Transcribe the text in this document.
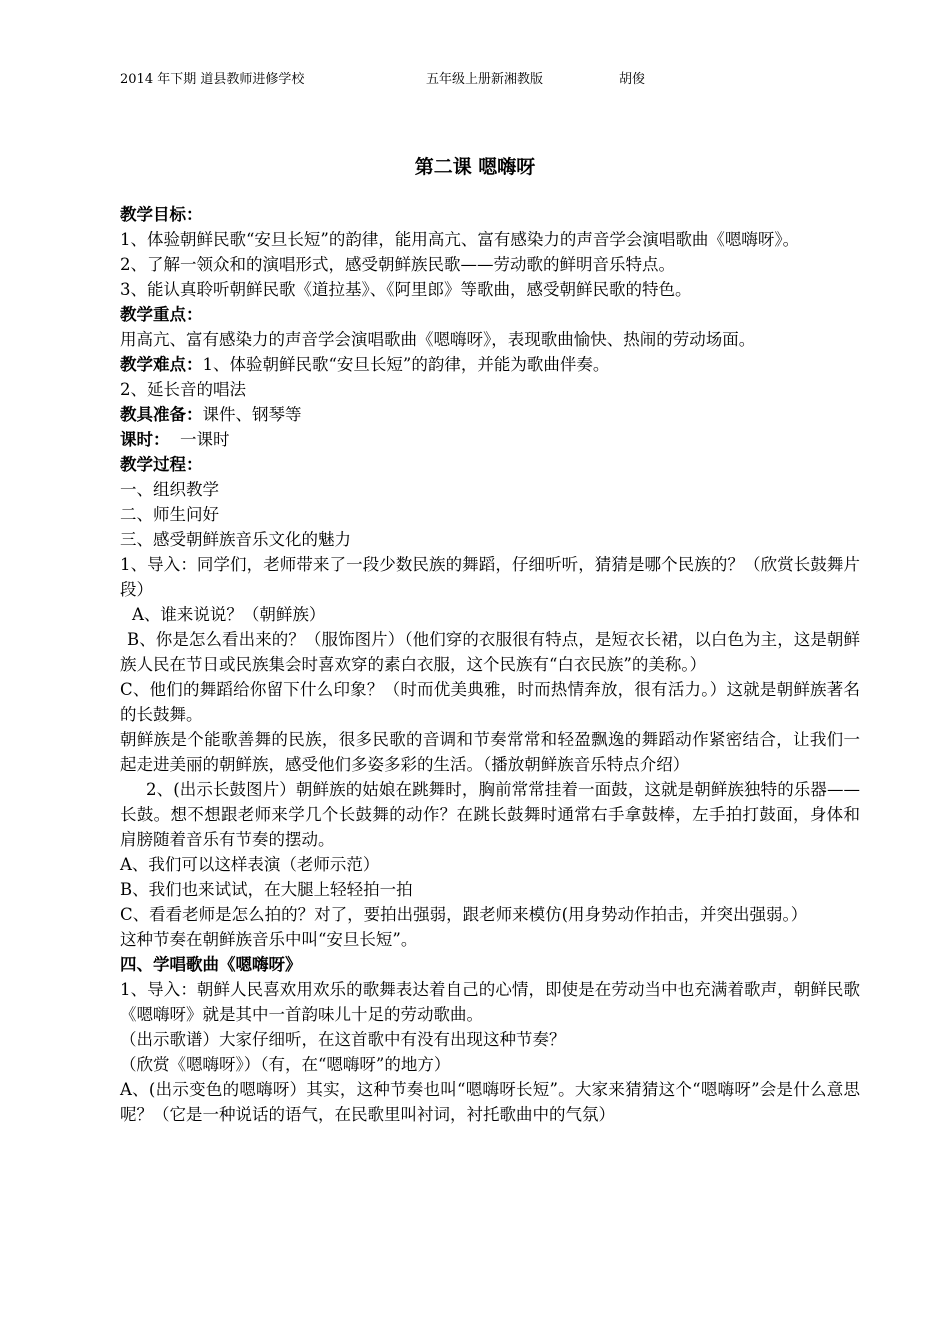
2014 年下期 道县教师进修学校	五年级上册新湘教版	胡俊
第二课 嗯嗨呀

教学目标：

1、体验朝鲜民歌“安旦长短”的韵律，能用高亢、富有感染力的声音学会演唱歌曲《嗯嗨呀》。

2、了解一领众和的演唱形式，感受朝鲜族民歌——劳动歌的鲜明音乐特点。

3、能认真聆听朝鲜民歌《道拉基》、《阿里郎》等歌曲，感受朝鲜民歌的特色。

教学重点：

用高亢、富有感染力的声音学会演唱歌曲《嗯嗨呀》，表现歌曲愉快、热闹的劳动场面。

教学难点：1、体验朝鲜民歌“安旦长短”的韵律，并能为歌曲伴奏。

2、延长音的唱法

教具准备：课件、钢琴等

课时：  一课时

教学过程：

一、组织教学

二、师生问好

三、感受朝鲜族音乐文化的魅力

1、导入：同学们，老师带来了一段少数民族的舞蹈，仔细听听，猜猜是哪个民族的？（欣赏长鼓舞片段）

A、谁来说说？（朝鲜族）

B、你是怎么看出来的？（服饰图片）（他们穿的衣服很有特点，是短衣长裙，以白色为主，这是朝鲜族人民在节日或民族集会时喜欢穿的素白衣服，这个民族有“白衣民族”的美称。）

C、他们的舞蹈给你留下什么印象？（时而优美典雅，时而热情奔放，很有活力。）这就是朝鲜族著名的长鼓舞。

朝鲜族是个能歌善舞的民族，很多民歌的音调和节奏常常和轻盈飘逸的舞蹈动作紧密结合，让我们一起走进美丽的朝鲜族，感受他们多姿多彩的生活。（播放朝鲜族音乐特点介绍）

2、(出示长鼓图片）朝鲜族的姑娘在跳舞时，胸前常常挂着一面鼓，这就是朝鲜族独特的乐器——长鼓。想不想跟老师来学几个长鼓舞的动作？在跳长鼓舞时通常右手拿鼓棒，左手拍打鼓面，身体和肩膀随着音乐有节奏的摆动。

A、我们可以这样表演（老师示范）

B、我们也来试试，在大腿上轻轻拍一拍

C、看看老师是怎么拍的？对了，要拍出强弱，跟老师来模仿(用身势动作拍击，并突出强弱。）

这种节奏在朝鲜族音乐中叫“安旦长短”。

四、学唱歌曲《嗯嗨呀》

1、导入：朝鲜人民喜欢用欢乐的歌舞表达着自己的心情，即使是在劳动当中也充满着歌声，朝鲜民歌《嗯嗨呀》就是其中一首韵味儿十足的劳动歌曲。

（出示歌谱）大家仔细听，在这首歌中有没有出现这种节奏？

（欣赏《嗯嗨呀》）（有，在“嗯嗨呀”的地方）

A、(出示变色的嗯嗨呀）其实，这种节奏也叫“嗯嗨呀长短”。大家来猜猜这个“嗯嗨呀”会是什么意思呢？（它是一种说话的语气，在民歌里叫衬词，衬托歌曲中的气氛）
